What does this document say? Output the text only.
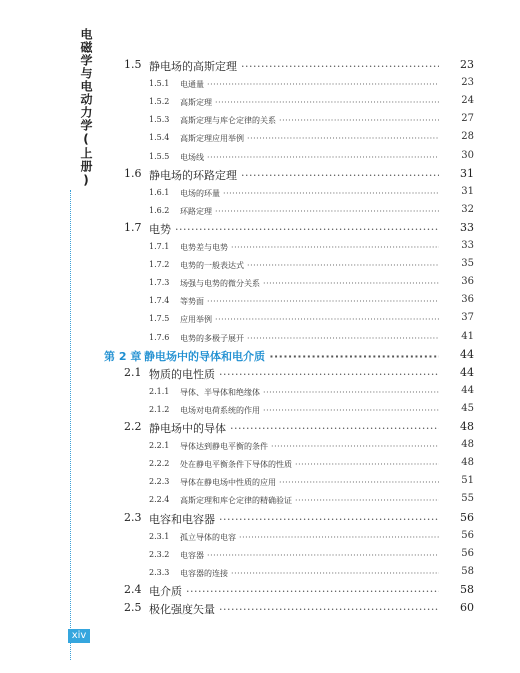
电磁学与电动力学(上册)
xiv
1.5 静电场的高斯定理 ·····	23
1.5.1 电通量 ·····	23
1.5.2 高斯定理 ·····	24
1.5.3 高斯定理与库仑定律的关系 ·····	27
1.5.4 高斯定理应用举例 ·····	28
1.5.5 电场线 ·····	30
1.6 静电场的环路定理 ·····	31
1.6.1 电场的环量 ·····	31
1.6.2 环路定理 ·····	32
1.7 电势 ·····	33
1.7.1 电势差与电势 ·····	33
1.7.2 电势的一般表达式 ·····	35
1.7.3 场强与电势的微分关系 ·····	36
1.7.4 等势面 ·····	36
1.7.5 应用举例 ·····	37
1.7.6 电势的多极子展开 ·····	41
第 2 章 静电场中的导体和电介质 ·····	44
2.1 物质的电性质 ·····	44
2.1.1 导体、半导体和绝缘体 ·····	44
2.1.2 电场对电荷系统的作用 ·····	45
2.2 静电场中的导体 ·····	48
2.2.1 导体达到静电平衡的条件 ·····	48
2.2.2 处在静电平衡条件下导体的性质 ·····	48
2.2.3 导体在静电场中性质的应用 ·····	51
2.2.4 高斯定理和库仑定律的精确验证 ·····	55
2.3 电容和电容器 ·····	56
2.3.1 孤立导体的电容 ·····	56
2.3.2 电容器 ·····	56
2.3.3 电容器的连接 ·····	58
2.4 电介质 ·····	58
2.5 极化强度矢量 ·····	60
